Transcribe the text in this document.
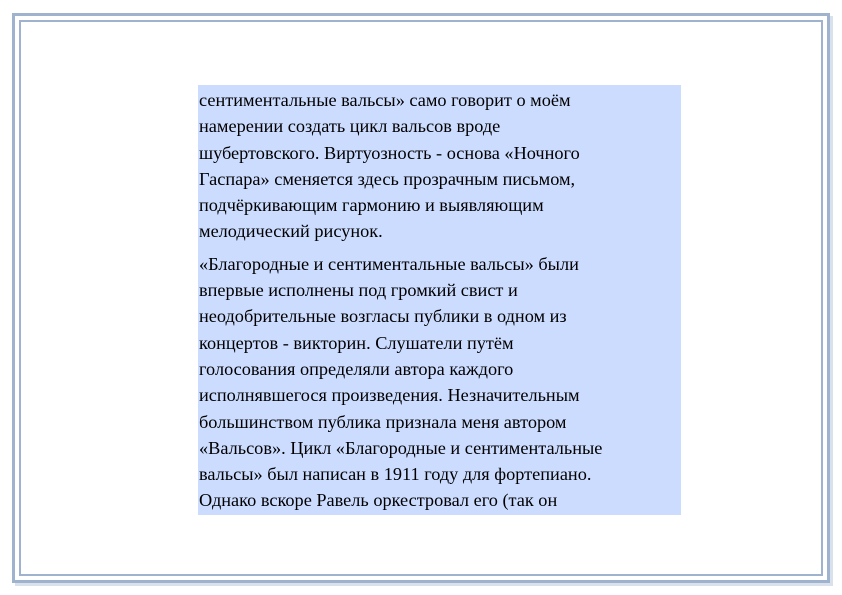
сентиментальные вальсы» само говорит о моём
намерении создать цикл вальсов вроде
шубертовского. Виртуозность - основа «Ночного
Гаспара» сменяется здесь прозрачным письмом,
подчёркивающим гармонию и выявляющим
мелодический рисунок.

«Благородные и сентиментальные вальсы» были
впервые исполнены под громкий свист и
неодобрительные возгласы публики в одном из
концертов - викторин. Слушатели путём
голосования определяли автора каждого
исполнявшегося произведения. Незначительным
большинством публика признала меня автором
«Вальсов». Цикл «Благородные и сентиментальные
вальсы» был написан в 1911 году для фортепиано.
Однако вскоре Равель оркестровал его (так он
